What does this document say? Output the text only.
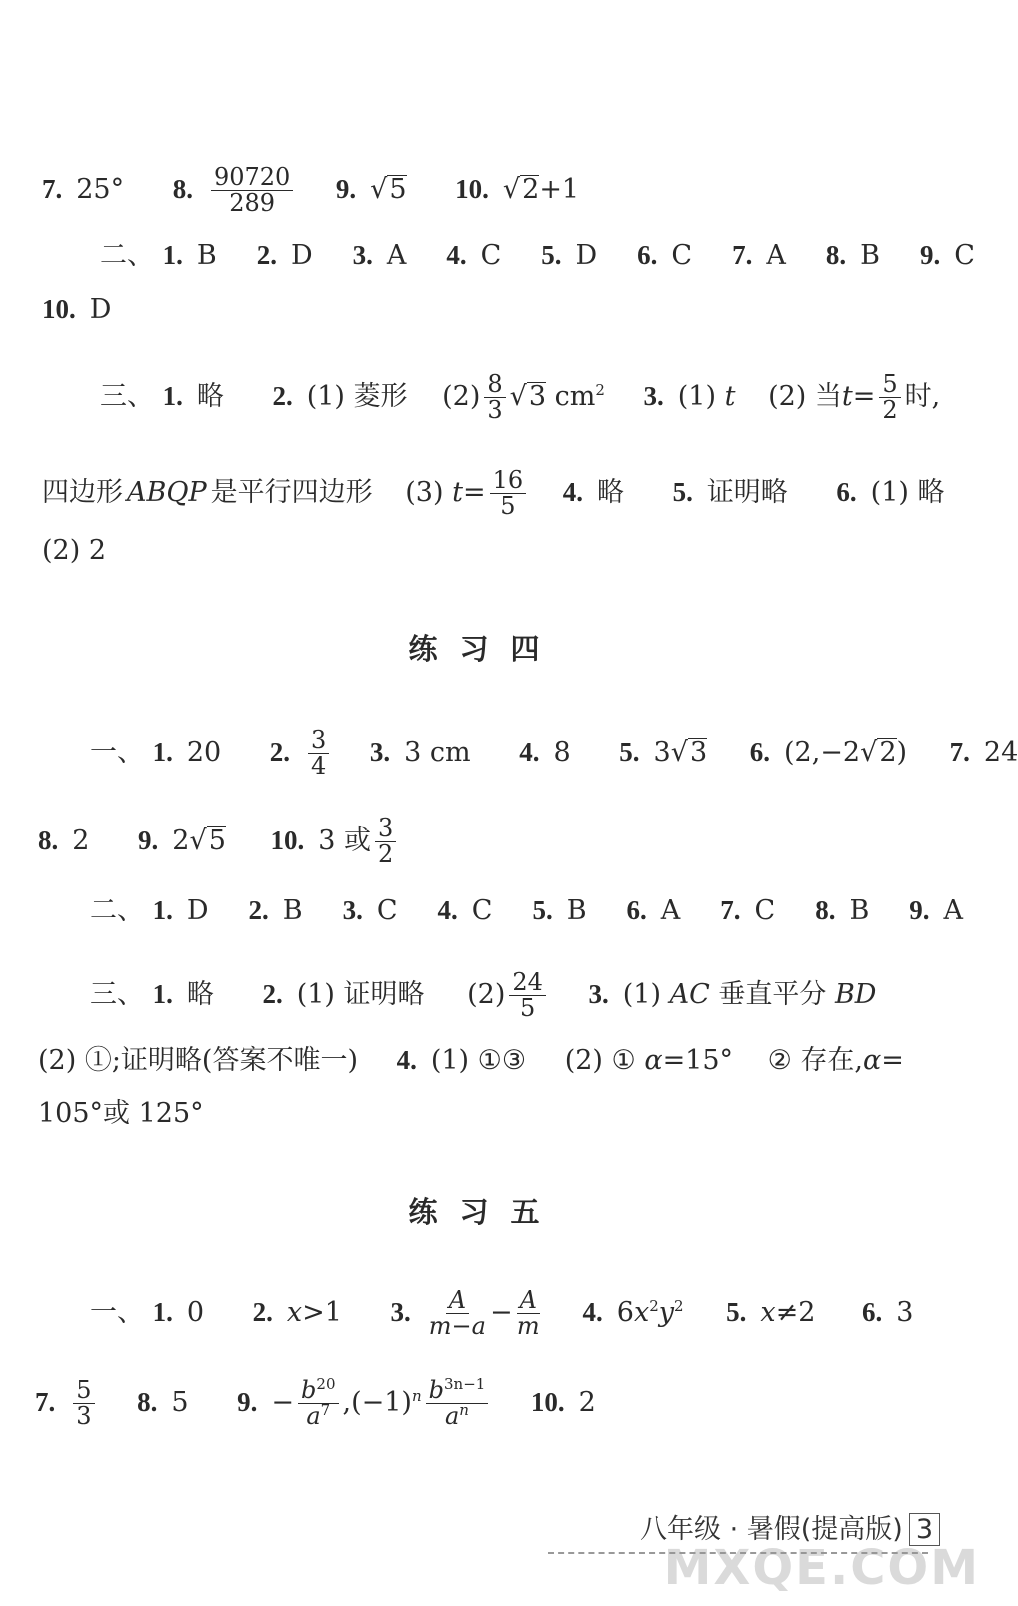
7. 25° 8. $\frac{90720}{289} 9$. √5 10. √2+1
二、 1. B 2. D 3. A 4. C 5. D 6. C 7. A 8. B 9. C
10. D
三、 1. 略 2. (1) 菱形 $(2) \frac{8}{3} √3$ $cm^2$ 3. (1) t (2) 当$t= \frac{5}{2}$ 时,
四边形 ABQP 是平行四边形 (3) $t= \frac{16}{5} 4$. 略 5. 证明略 6. (1) 略
(2) 2
练习四
一、 1. 20 2. $\frac{3}{4} 3$. 3 cm 4. 8 5. 3√3 6. (2,−2√2) 7. 24
8. 2 9. 2√5 10. 3 或 $\frac{3}{2}$
二、 1. D 2. B 3. C 4. C 5. B 6. A 7. C 8. B 9. A
三、 1. 略 2. (1) 证明略 $(2) \frac{24}{5} 3$. (1) AC 垂直平分 BD
(2) ①;证明略(答案不唯一) 4. (1) ①③ (2) ① α=15° ② 存在,α=
105°或 125°
练习五
一、 1. 0 2. x>1 3. $\frac{A}{m-a} - \frac{A}{m} 4$. $6x^2y^2$ 5. x≠2 6. 3
7. $\frac{5}{3} 8$. 5 9. − $\frac{b^{20}}{a^7} ,(-1)^n \frac{b^{3n-1}}{a^n} 10$. 2
八年级 · 暑假(提高版) 3
MXQE.COM
